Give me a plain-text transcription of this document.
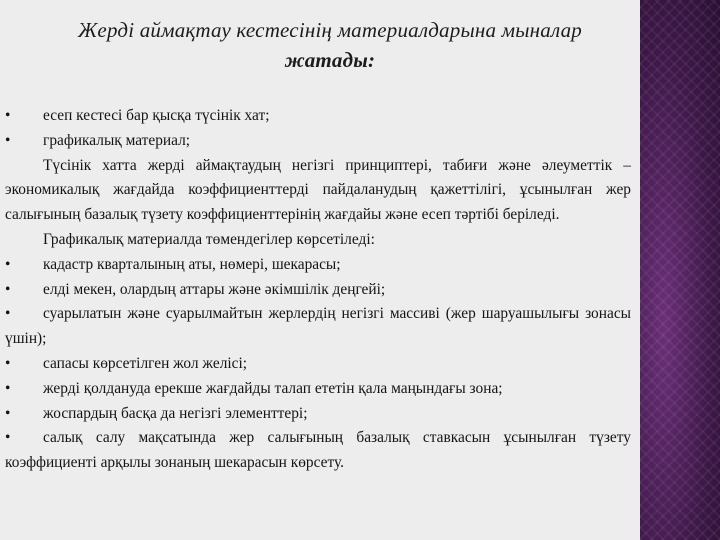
Жерді аймақтау кестесінің материалдарына мыналар
жатады:
• есеп кестесі бар қысқа түсінік хат;
• графикалық материал;
Түсінік хатта жерді аймақтаудың негізгі принциптері, табиғи және әлеуметтік – экономикалық жағдайда коэффициенттерді пайдаланудың қажеттілігі, ұсынылған жер салығының базалық түзету коэффициенттерінің жағдайы және есеп тәртібі беріледі.
Графикалық материалда төмендегілер көрсетіледі:
• кадастр кварталының аты, нөмері, шекарасы;
• елді мекен, олардың аттары және әкімшілік деңгейі;
• суарылатын және суарылмайтын жерлердің негізгі массиві (жер шаруашылығы зонасы үшін);
• сапасы көрсетілген жол желісі;
• жерді қолдануда ерекше жағдайды талап ететін қала маңындағы зона;
• жоспардың басқа да негізгі элементтері;
• салық салу мақсатында жер салығының базалық ставкасын ұсынылған түзету коэффициенті арқылы зонаның шекарасын көрсету.
